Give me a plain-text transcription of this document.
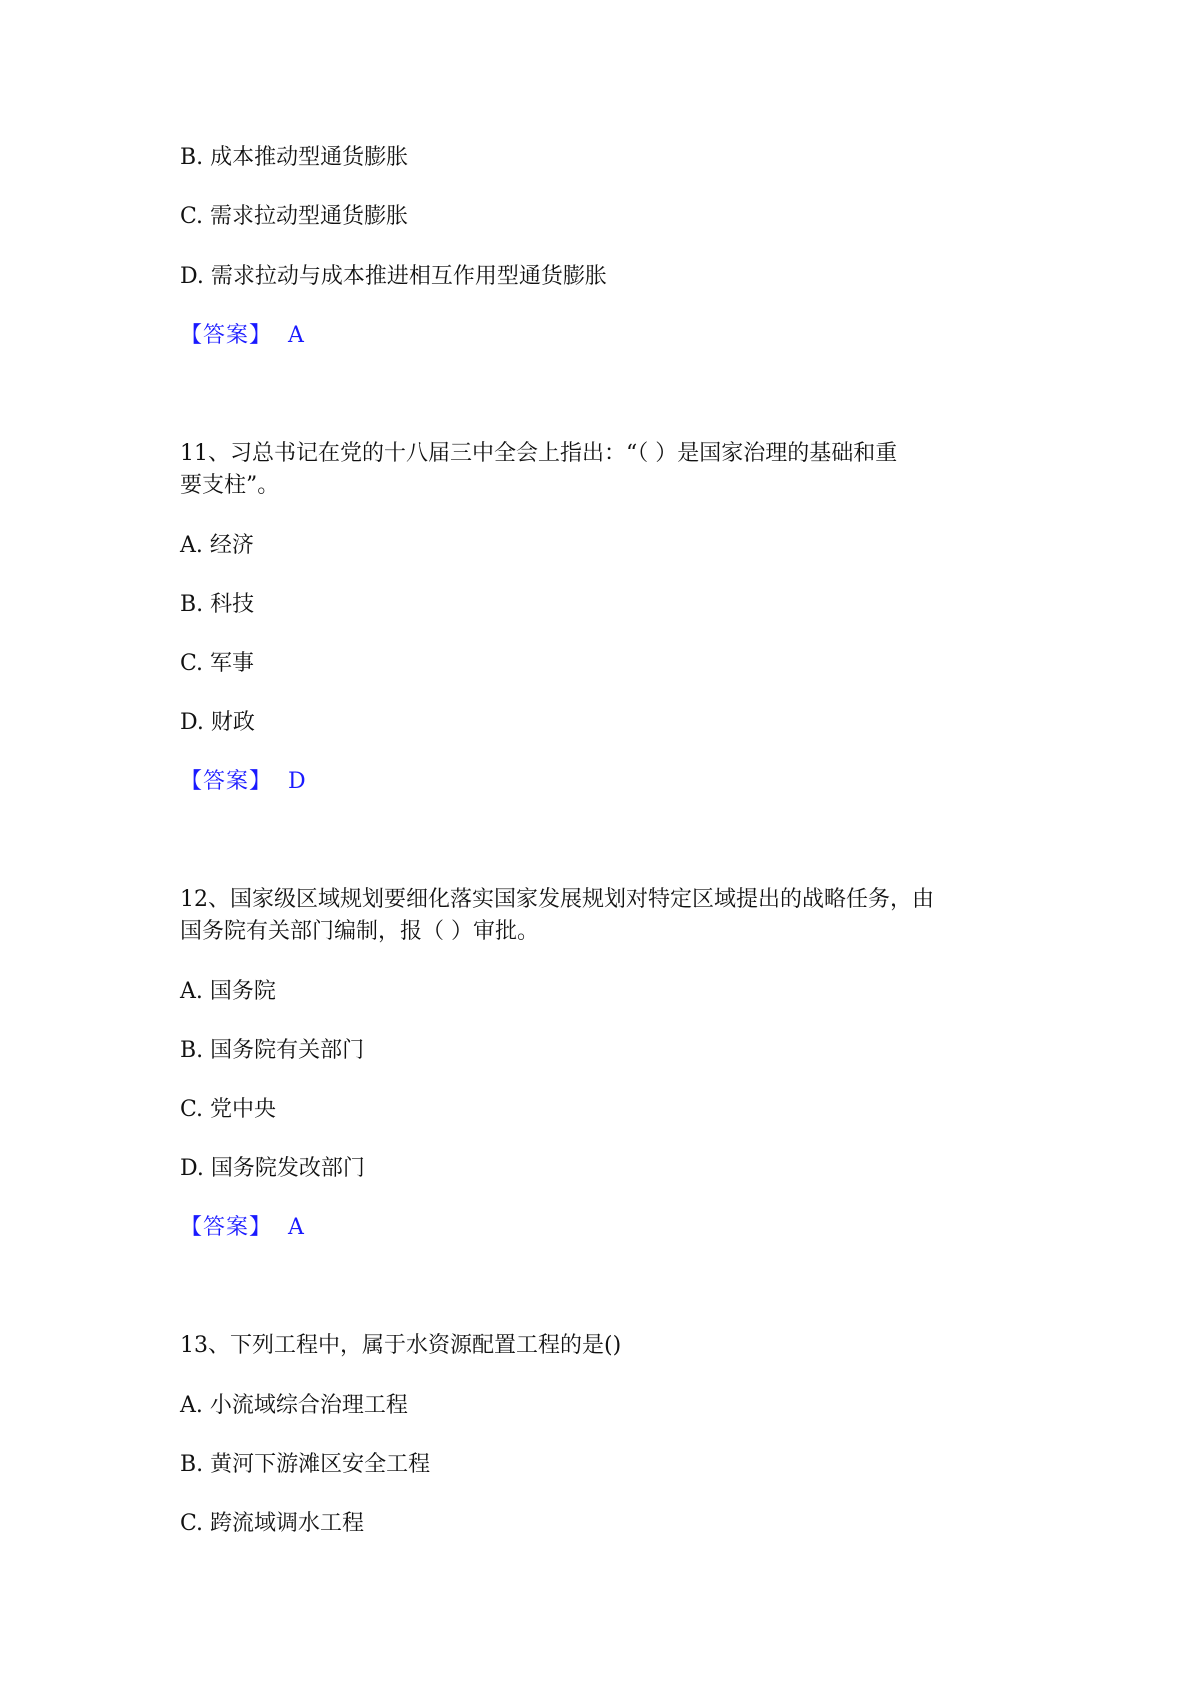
B. 成本推动型通货膨胀
C. 需求拉动型通货膨胀
D. 需求拉动与成本推进相互作用型通货膨胀
【答案】 A
11、习总书记在党的十八届三中全会上指出：“（ ）是国家治理的基础和重
要支柱”。
A. 经济
B. 科技
C. 军事
D. 财政
【答案】 D
12、国家级区域规划要细化落实国家发展规划对特定区域提出的战略任务，由
国务院有关部门编制，报（ ）审批。
A. 国务院
B. 国务院有关部门
C. 党中央
D. 国务院发改部门
【答案】 A
13、下列工程中，属于水资源配置工程的是()
A. 小流域综合治理工程
B. 黄河下游滩区安全工程
C. 跨流域调水工程
